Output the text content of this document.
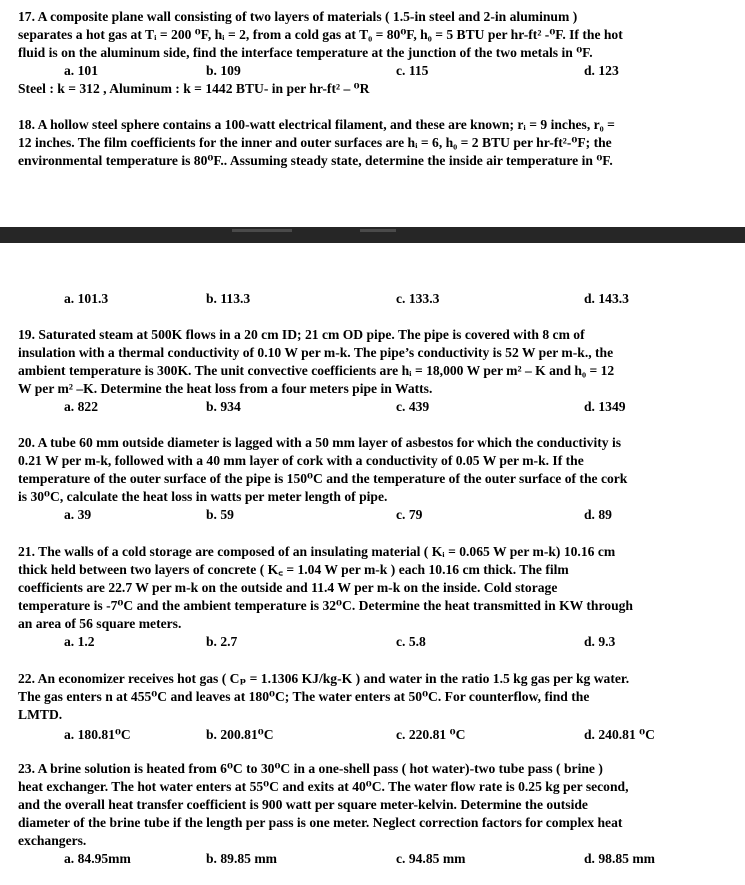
17. A composite plane wall consisting of two layers of materials ( 1.5-in steel and 2-in aluminum )
separates a hot gas at Tᵢ = 200 ⁰F, hᵢ = 2, from a cold gas at T₀ = 80⁰F, h₀ = 5 BTU per hr-ft² -⁰F. If the hot
fluid is on the aluminum side, find the interface temperature at the junction of the two metals in ⁰F.
a. 101	b. 109	c. 115	d. 123
Steel : k = 312 , Aluminum : k = 1442 BTU- in per hr-ft² – ⁰R
18. A hollow steel sphere contains a 100-watt electrical filament, and these are known; rᵢ = 9 inches, r₀ =
12 inches. The film coefficients for the inner and outer surfaces are hᵢ = 6, h₀ = 2 BTU per hr-ft²-⁰F; the
environmental temperature is 80⁰F.. Assuming steady state, determine the inside air temperature in ⁰F.
a. 101.3	b. 113.3	c. 133.3	d. 143.3
19. Saturated steam at 500K flows in a 20 cm ID; 21 cm OD pipe. The pipe is covered with 8 cm of
insulation with a thermal conductivity of 0.10 W per m-k. The pipe’s conductivity is 52 W per m-k., the
ambient temperature is 300K. The unit convective coefficients are hᵢ = 18,000 W per m² – K and h₀ = 12
W per m² –K. Determine the heat loss from a four meters pipe in Watts.
a. 822	b. 934	c. 439	d. 1349
20. A tube 60 mm outside diameter is lagged with a 50 mm layer of asbestos for which the conductivity is
0.21 W per m-k, followed with a 40 mm layer of cork with a conductivity of 0.05 W per m-k. If the
temperature of the outer surface of the pipe is 150⁰C and the temperature of the outer surface of the cork
is 30⁰C, calculate the heat loss in watts per meter length of pipe.
a. 39	b. 59	c. 79	d. 89
21. The walls of a cold storage are composed of an insulating material ( Kᵢ = 0.065 W per m-k) 10.16 cm
thick held between two layers of concrete ( K꜀ = 1.04 W per m-k ) each 10.16 cm thick. The film
coefficients are 22.7 W per m-k on the outside and 11.4 W per m-k on the inside. Cold storage
temperature is -7⁰C and the ambient temperature is 32⁰C. Determine the heat transmitted in KW through
an area of 56 square meters.
a. 1.2	b. 2.7	c. 5.8	d. 9.3
22. An economizer receives hot gas ( Cₚ = 1.1306 KJ/kg-K ) and water in the ratio 1.5 kg gas per kg water.
The gas enters n at 455⁰C and leaves at 180⁰C; The water enters at 50⁰C. For counterflow, find the
LMTD.
a. 180.81⁰C	b. 200.81⁰C	c. 220.81 ⁰C	d. 240.81 ⁰C
23. A brine solution is heated from 6⁰C to 30⁰C in a one-shell pass ( hot water)-two tube pass ( brine )
heat exchanger. The hot water enters at 55⁰C and exits at 40⁰C. The water flow rate is 0.25 kg per second,
and the overall heat transfer coefficient is 900 watt per square meter-kelvin. Determine the outside
diameter of the brine tube if the length per pass is one meter. Neglect correction factors for complex heat
exchangers.
a. 84.95mm	b. 89.85 mm	c. 94.85 mm	d. 98.85 mm
